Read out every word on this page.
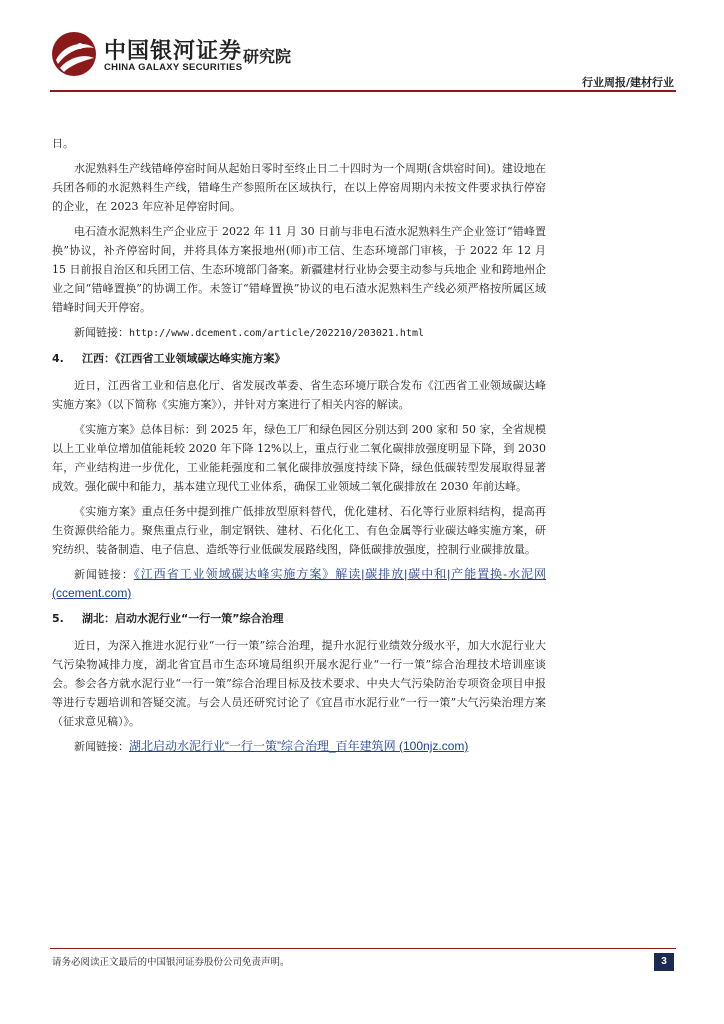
中国银河证券
CHINA GALAXY SECURITIES
研究院
行业周报/建材行业

日。

水泥熟料生产线错峰停窑时间从起始日零时至终止日二十四时为一个周期(含烘窑时间)。建设地在兵团各师的水泥熟料生产线，错峰生产参照所在区域执行，在以上停窑周期内未按文件要求执行停窑的企业，在 2023 年应补足停窑时间。

电石渣水泥熟料生产企业应于 2022 年 11 月 30 日前与非电石渣水泥熟料生产企业签订“错峰置换”协议，补齐停窑时间，并将具体方案报地州(师)市工信、生态环境部门审核，于 2022 年 12 月 15 日前报自治区和兵团工信、生态环境部门备案。新疆建材行业协会要主动参与兵地企 业和跨地州企业之间“错峰置换”的协调工作。未签订“错峰置换”协议的电石渣水泥熟料生产线必须严格按所属区域错峰时间天开停窑。

新闻链接：http://www.dcement.com/article/202210/203021.html

4. 江西：《江西省工业领域碳达峰实施方案》

近日，江西省工业和信息化厅、省发展改革委、省生态环境厅联合发布《江西省工业领域碳达峰实施方案》（以下简称《实施方案》），并针对方案进行了相关内容的解读。

《实施方案》总体目标：到 2025 年，绿色工厂和绿色园区分别达到 200 家和 50 家，全省规模以上工业单位增加值能耗较 2020 年下降 12%以上，重点行业二氧化碳排放强度明显下降，到 2030 年，产业结构进一步优化，工业能耗强度和二氧化碳排放强度持续下降，绿色低碳转型发展取得显著成效。强化碳中和能力，基本建立现代工业体系，确保工业领域二氧化碳排放在 2030 年前达峰。

《实施方案》重点任务中提到推广低排放型原料替代，优化建材、石化等行业原料结构，提高再生资源供给能力。聚焦重点行业，制定钢铁、建材、石化化工、有色金属等行业碳达峰实施方案，研究纺织、装备制造、电子信息、造纸等行业低碳发展路线图，降低碳排放强度，控制行业碳排放量。

新闻链接：《江西省工业领域碳达峰实施方案》解读|碳排放|碳中和|产能置换-水泥网(ccement.com)

5. 湖北：启动水泥行业“一行一策”综合治理

近日，为深入推进水泥行业“一行一策”综合治理，提升水泥行业绩效分级水平，加大水泥行业大气污染物减排力度，湖北省宜昌市生态环境局组织开展水泥行业“一行一策”综合治理技术培训座谈会。参会各方就水泥行业“一行一策”综合治理目标及技术要求、中央大气污染防治专项资金项目申报等进行专题培训和答疑交流。与会人员还研究讨论了《宜昌市水泥行业“一行一策”大气污染治理方案（征求意见稿）》。

新闻链接：湖北启动水泥行业“一行一策”综合治理_百年建筑网 (100njz.com)

请务必阅读正文最后的中国银河证券股份公司免责声明。	3
